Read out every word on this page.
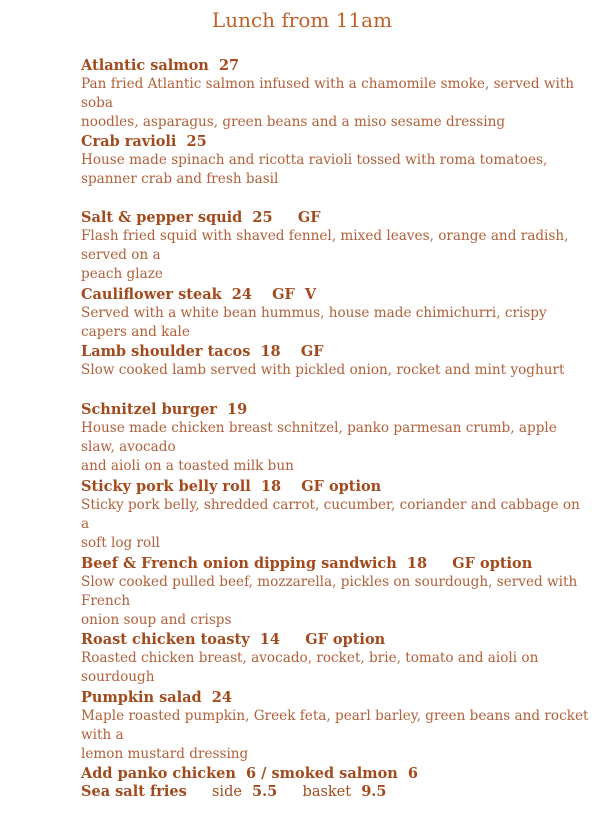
Lunch from 11am
Atlantic salmon 27
Pan fried Atlantic salmon infused with a chamomile smoke, served with soba
noodles, asparagus, green beans and a miso sesame dressing
Crab ravioli 25
House made spinach and ricotta ravioli tossed with roma tomatoes,
spanner crab and fresh basil
Salt & pepper squid 25 GF
Flash fried squid with shaved fennel, mixed leaves, orange and radish, served on a
peach glaze
Cauliflower steak 24 GF  V
Served with a white bean hummus, house made chimichurri, crispy capers and kale
Lamb shoulder tacos 18 GF
Slow cooked lamb served with pickled onion, rocket and mint yoghurt
Schnitzel burger 19
House made chicken breast schnitzel, panko parmesan crumb, apple slaw, avocado
and aioli on a toasted milk bun
Sticky pork belly roll 18 GF option
Sticky pork belly, shredded carrot, cucumber, coriander and cabbage on a
soft log roll
Beef & French onion dipping sandwich 18 GF option
Slow cooked pulled beef, mozzarella, pickles on sourdough, served with French
onion soup and crisps
Roast chicken toasty 14 GF option
Roasted chicken breast, avocado, rocket, brie, tomato and aioli on sourdough
Pumpkin salad 24
Maple roasted pumpkin, Greek feta, pearl barley, green beans and rocket with a
lemon mustard dressing
Add panko chicken  6 / smoked salmon  6
Sea salt fries side 5.5 basket 9.5
